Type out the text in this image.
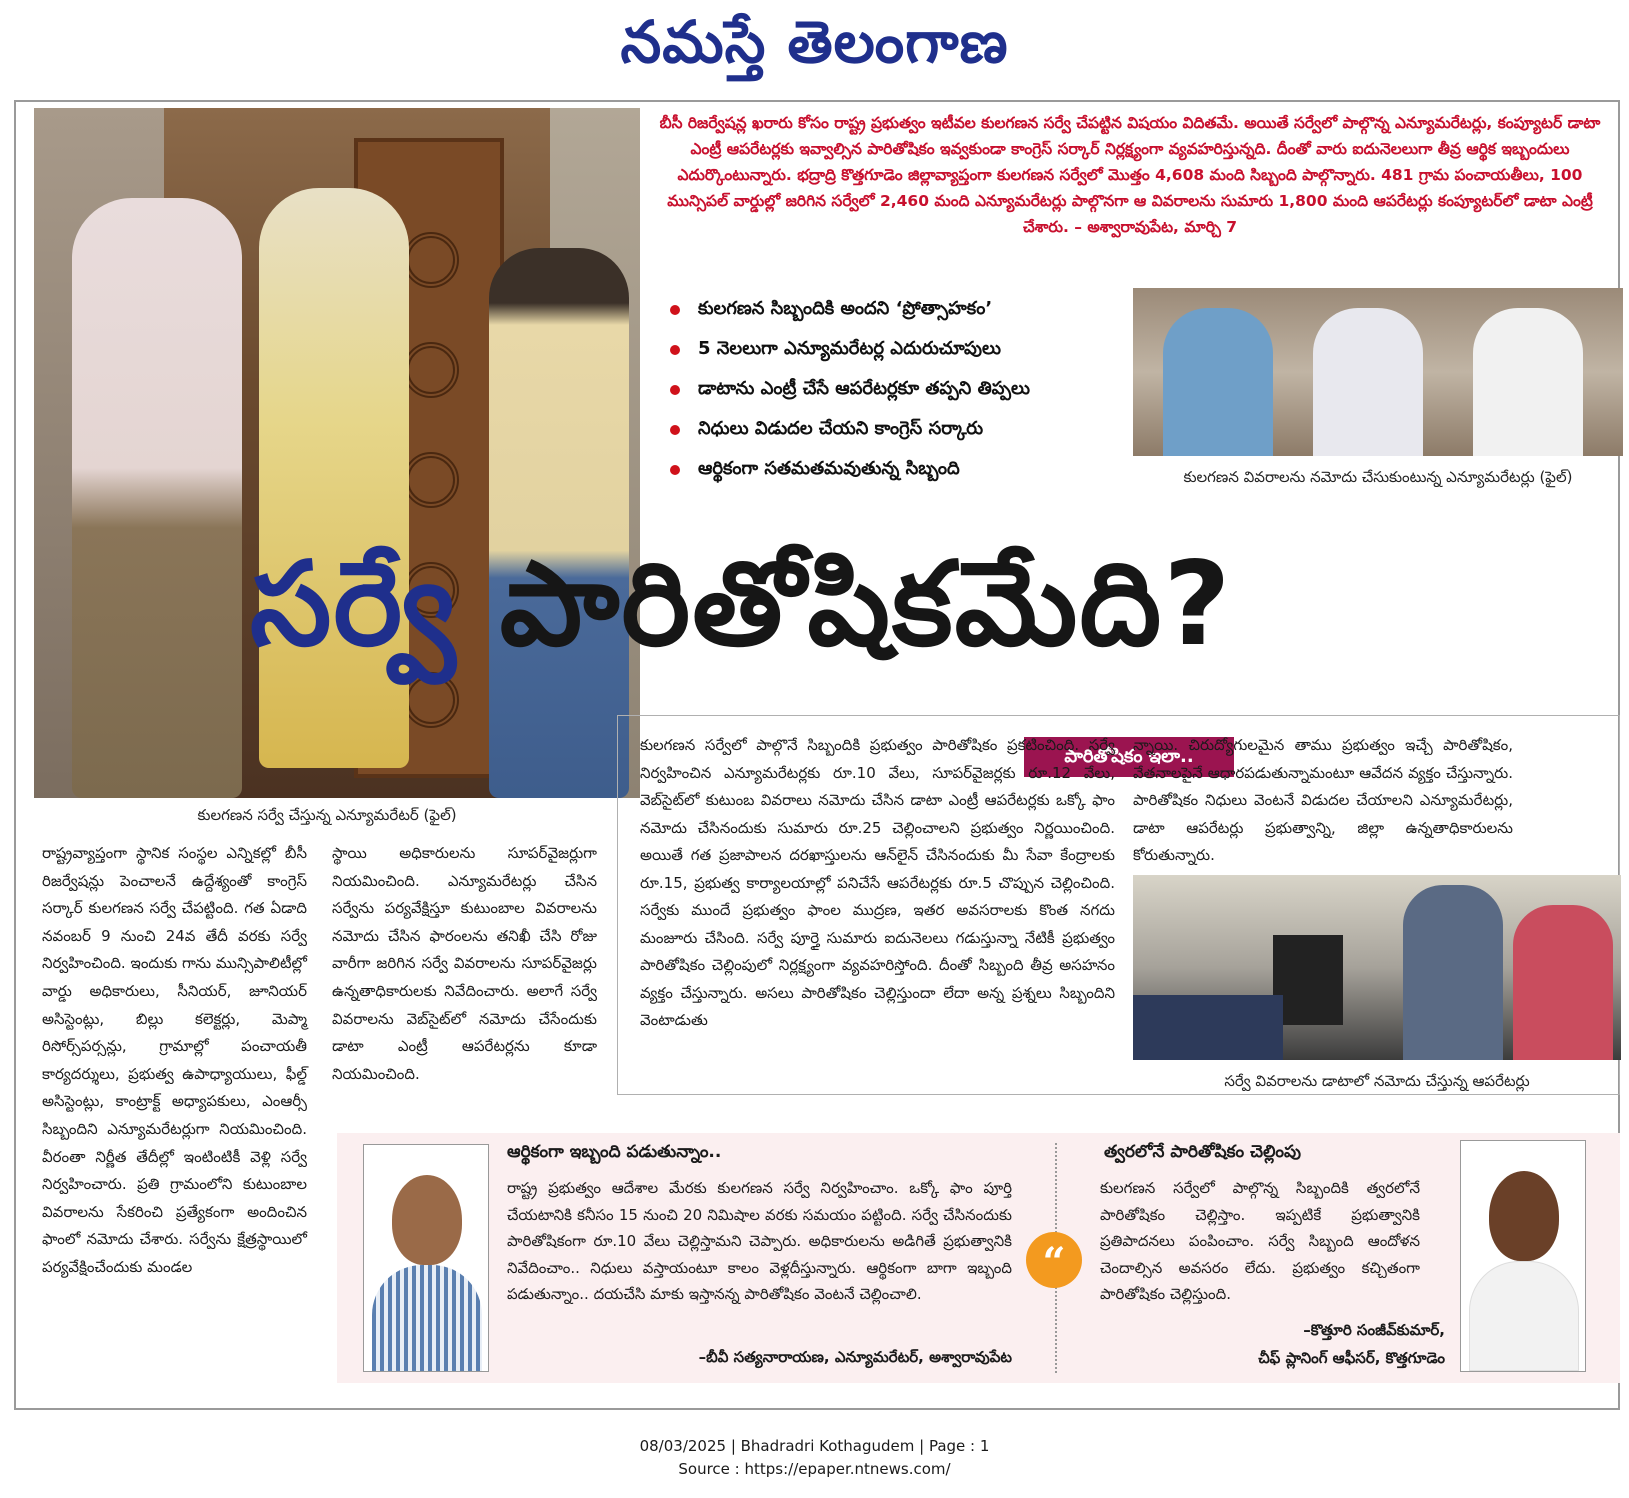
నమస్తే తెలంగాణ
కులగణన సర్వే చేస్తున్న ఎన్యూమరేటర్ (ఫైల్)
బీసీ రిజర్వేషన్ల ఖరారు కోసం రాష్ట్ర ప్రభుత్వం ఇటీవల కులగణన సర్వే చేపట్టిన విషయం విదితమే. అయితే సర్వేలో పాల్గొన్న ఎన్యూమరేటర్లు, కంప్యూటర్ డాటా ఎంట్రీ ఆపరేటర్లకు ఇవ్వాల్సిన పారితోషికం ఇవ్వకుండా కాంగ్రెస్ సర్కార్ నిర్లక్ష్యంగా వ్యవహరిస్తున్నది. దీంతో వారు ఐదునెలలుగా తీవ్ర ఆర్థిక ఇబ్బందులు ఎదుర్కొంటున్నారు. భద్రాద్రి కొత్తగూడెం జిల్లావ్యాప్తంగా కులగణన సర్వేలో మొత్తం 4,608 మంది సిబ్బంది పాల్గొన్నారు. 481 గ్రామ పంచాయతీలు, 100 మున్సిపల్ వార్డుల్లో జరిగిన సర్వేలో 2,460 మంది ఎన్యూమరేటర్లు పాల్గొనగా ఆ వివరాలను సుమారు 1,800 మంది ఆపరేటర్లు కంప్యూటర్‌లో డాటా ఎంట్రీ చేశారు. – అశ్వారావుపేట, మార్చి 7
కులగణన సిబ్బందికి అందని ‘ప్రోత్సాహకం’
5 నెలలుగా ఎన్యూమరేటర్ల ఎదురుచూపులు
డాటాను ఎంట్రీ చేసే ఆపరేటర్లకూ తప్పని తిప్పలు
నిధులు విడుదల చేయని కాంగ్రెస్ సర్కారు
ఆర్థికంగా సతమతమవుతున్న సిబ్బంది	కులగణన వివరాలను నమోదు చేసుకుంటున్న ఎన్యూమరేటర్లు (ఫైల్)
సర్వే పారితోషికమేది?
పారితోషికం ఇలా..
కులగణన సర్వేలో పాల్గొనే సిబ్బందికి ప్రభుత్వం పారితోషికం ప్రకటించింది. సర్వే నిర్వహించిన ఎన్యూమరేటర్లకు రూ.10 వేలు, సూపర్‌వైజర్లకు రూ.12 వేలు, వెబ్‌సైట్‌లో కుటుంబ వివరాలు నమోదు చేసిన డాటా ఎంట్రీ ఆపరేటర్లకు ఒక్కో ఫాం నమోదు చేసినందుకు సుమారు రూ.25 చెల్లించాలని ప్రభుత్వం నిర్ణయించింది. అయితే గత ప్రజాపాలన దరఖాస్తులను ఆన్‌లైన్ చేసినందుకు మీ సేవా కేంద్రాలకు రూ.15, ప్రభుత్వ కార్యాలయాల్లో పనిచేసే ఆపరేటర్లకు రూ.5 చొప్పున చెల్లించింది. సర్వేకు ముందే ప్రభుత్వం ఫాంల ముద్రణ, ఇతర అవసరాలకు కొంత నగదు మంజూరు చేసింది. సర్వే పూర్తై సుమారు ఐదునెలలు గడుస్తున్నా నేటికీ ప్రభుత్వం పారితోషికం చెల్లింపులో నిర్లక్ష్యంగా వ్యవహరిస్తోంది. దీంతో సిబ్బంది తీవ్ర అసహనం వ్యక్తం చేస్తున్నారు. అసలు పారితోషికం చెల్లిస్తుందా లేదా అన్న ప్రశ్నలు సిబ్బందిని వెంటాడుతు
న్నాయి. చిరుద్యోగులమైన తాము ప్రభుత్వం ఇచ్చే పారితోషికం, వేతనాలపైనే ఆధారపడుతున్నామంటూ ఆవేదన వ్యక్తం చేస్తున్నారు. పారితోషికం నిధులు వెంటనే విడుదల చేయాలని ఎన్యూమరేటర్లు, డాటా ఆపరేటర్లు ప్రభుత్వాన్ని, జిల్లా ఉన్నతాధికారులను కోరుతున్నారు.
సర్వే వివరాలను డాటాలో నమోదు చేస్తున్న ఆపరేటర్లు
రాష్ట్రవ్యాప్తంగా స్థానిక సంస్థల ఎన్నికల్లో బీసీ రిజర్వేషన్లు పెంచాలనే ఉద్దేశ్యంతో కాంగ్రెస్ సర్కార్ కులగణన సర్వే చేపట్టింది. గత ఏడాది నవంబర్ 9 నుంచి 24వ తేదీ వరకు సర్వే నిర్వహించింది. ఇందుకు గాను మున్సిపాలిటీల్లో వార్డు అధికారులు, సీనియర్, జూనియర్ అసిస్టెంట్లు, బిల్లు కలెక్టర్లు, మెప్మా రిసోర్స్‌పర్సన్లు, గ్రామాల్లో పంచాయతీ కార్యదర్శులు, ప్రభుత్వ ఉపాధ్యాయులు, ఫీల్డ్ అసిస్టెంట్లు, కాంట్రాక్ట్ అధ్యాపకులు, ఎంఆర్సీ సిబ్బందిని ఎన్యూమరేటర్లుగా నియమించింది. వీరంతా నిర్ణీత తేదీల్లో ఇంటింటికీ వెళ్లి సర్వే నిర్వహించారు. ప్రతి గ్రామంలోని కుటుంబాల వివరాలను సేకరించి ప్రత్యేకంగా అందించిన ఫాంలో నమోదు చేశారు. సర్వేను క్షేత్రస్థాయిలో పర్యవేక్షించేందుకు మండల
స్థాయి అధికారులను సూపర్‌వైజర్లుగా నియమించింది. ఎన్యూమరేటర్లు చేసిన సర్వేను పర్యవేక్షిస్తూ కుటుంబాల వివరాలను నమోదు చేసిన ఫారంలను తనిఖీ చేసి రోజు వారీగా జరిగిన సర్వే వివరాలను సూపర్‌వైజర్లు ఉన్నతాధికారులకు నివేదించారు. అలాగే సర్వే వివరాలను వెబ్‌సైట్‌లో నమోదు చేసేందుకు డాటా ఎంట్రీ ఆపరేటర్లను కూడా నియమించింది.
ఆర్థికంగా ఇబ్బంది పడుతున్నాం..
రాష్ట్ర ప్రభుత్వం ఆదేశాల మేరకు కులగణన సర్వే నిర్వహించాం. ఒక్కో ఫాం పూర్తి చేయటానికి కనీసం 15 నుంచి 20 నిమిషాల వరకు సమయం పట్టింది. సర్వే చేసినందుకు పారితోషికంగా రూ.10 వేలు చెల్లిస్తామని చెప్పారు. అధికారులను అడిగితే ప్రభుత్వానికి నివేదించాం.. నిధులు వస్తాయంటూ కాలం వెళ్లదీస్తున్నారు. ఆర్థికంగా బాగా ఇబ్బంది పడుతున్నాం.. దయచేసి మాకు ఇస్తానన్న పారితోషికం వెంటనే చెల్లించాలి.
–బీవీ సత్యనారాయణ, ఎన్యూమరేటర్, అశ్వారావుపేట
“
త్వరలోనే పారితోషికం చెల్లింపు
కులగణన సర్వేలో పాల్గొన్న సిబ్బందికి త్వరలోనే పారితోషికం చెల్లిస్తాం. ఇప్పటికే ప్రభుత్వానికి ప్రతిపాదనలు పంపించాం. సర్వే సిబ్బంది ఆందోళన చెందాల్సిన అవసరం లేదు. ప్రభుత్వం కచ్చితంగా పారితోషికం చెల్లిస్తుంది.
–కొత్తూరి సంజీవ్‌కుమార్,
చీఫ్ ప్లానింగ్ ఆఫీసర్, కొత్తగూడెం
08/03/2025 | Bhadradri Kothagudem | Page : 1
Source : https://epaper.ntnews.com/
